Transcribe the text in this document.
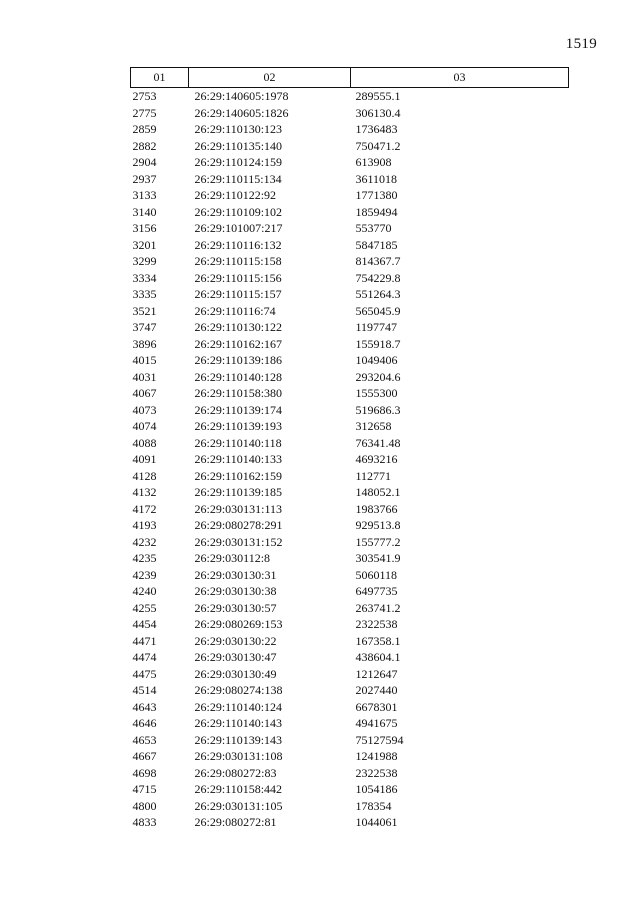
1519
01	02	03
2753	26:29:140605:1978	289555.1
2775	26:29:140605:1826	306130.4
2859	26:29:110130:123	1736483
2882	26:29:110135:140	750471.2
2904	26:29:110124:159	613908
2937	26:29:110115:134	3611018
3133	26:29:110122:92	1771380
3140	26:29:110109:102	1859494
3156	26:29:101007:217	553770
3201	26:29:110116:132	5847185
3299	26:29:110115:158	814367.7
3334	26:29:110115:156	754229.8
3335	26:29:110115:157	551264.3
3521	26:29:110116:74	565045.9
3747	26:29:110130:122	1197747
3896	26:29:110162:167	155918.7
4015	26:29:110139:186	1049406
4031	26:29:110140:128	293204.6
4067	26:29:110158:380	1555300
4073	26:29:110139:174	519686.3
4074	26:29:110139:193	312658
4088	26:29:110140:118	76341.48
4091	26:29:110140:133	4693216
4128	26:29:110162:159	112771
4132	26:29:110139:185	148052.1
4172	26:29:030131:113	1983766
4193	26:29:080278:291	929513.8
4232	26:29:030131:152	155777.2
4235	26:29:030112:8	303541.9
4239	26:29:030130:31	5060118
4240	26:29:030130:38	6497735
4255	26:29:030130:57	263741.2
4454	26:29:080269:153	2322538
4471	26:29:030130:22	167358.1
4474	26:29:030130:47	438604.1
4475	26:29:030130:49	1212647
4514	26:29:080274:138	2027440
4643	26:29:110140:124	6678301
4646	26:29:110140:143	4941675
4653	26:29:110139:143	75127594
4667	26:29:030131:108	1241988
4698	26:29:080272:83	2322538
4715	26:29:110158:442	1054186
4800	26:29:030131:105	178354
4833	26:29:080272:81	1044061
